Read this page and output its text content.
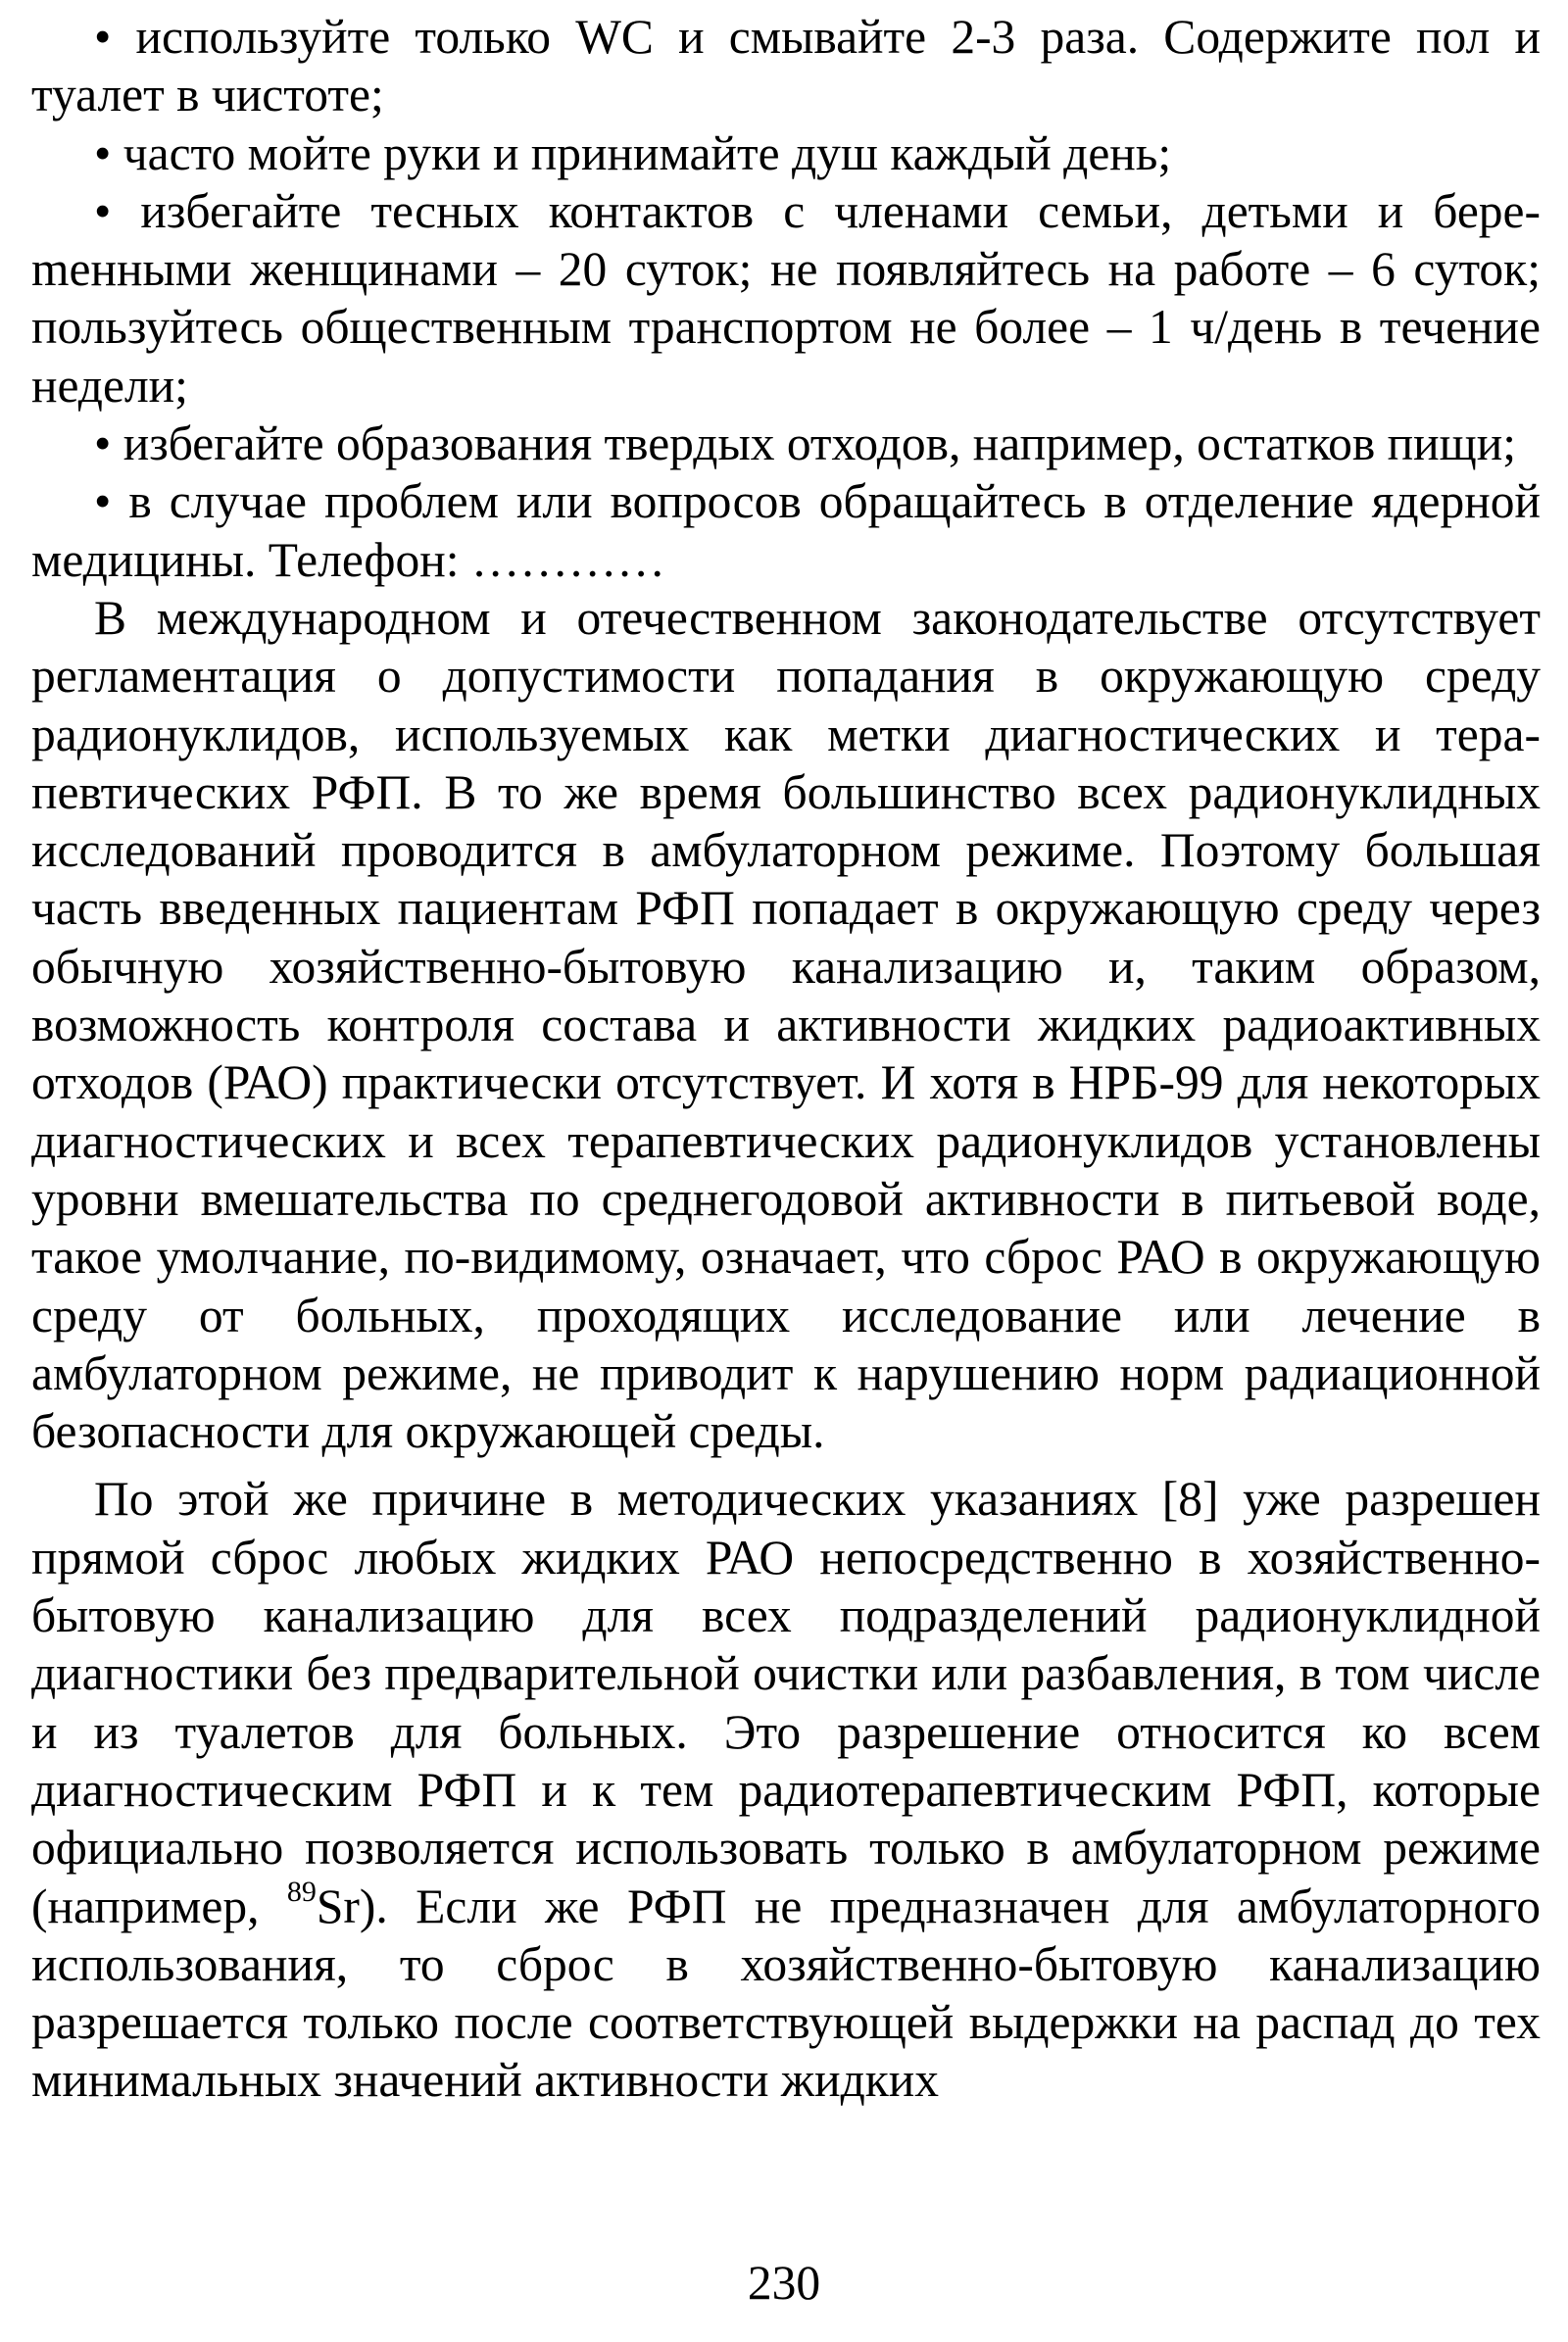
• используйте только WC и смывайте 2-3 раза. Содержите пол и туалет в чистоте;

• часто мойте руки и принимайте душ каждый день;

• избегайте тесных контактов с членами семьи, детьми и береmенными женщинами – 20 суток; не появляйтесь на работе – 6 суток; пользуйтесь общественным транспортом не более – 1 ч/день в течение недели;

• избегайте образования твердых отходов, например, остатков пищи;

• в случае проблем или вопросов обращайтесь в отделение ядерной медицины. Телефон: …………

В международном и отечественном законодательстве отсутствует регламентация о допустимости попадания в окружающую среду радионуклидов, используемых как метки диагностических и терапевтических РФП. В то же время большинство всех радионуклидных исследований проводится в амбулаторном режиме. Поэтому большая часть введенных пациентам РФП попадает в окружающую среду через обычную хозяйственно-бытовую канализацию и, таким образом, возможность контроля состава и активности жидких радиоактивных отходов (РАО) практически отсутствует. И хотя в НРБ-99 для некоторых диагностических и всех терапевтических радионуклидов установлены уровни вмешательства по среднегодовой активности в питьевой воде, такое умолчание, по-видимому, означает, что сброс РАО в окружающую среду от больных, проходящих исследование или лечение в амбулаторном режиме, не приводит к нарушению норм радиационной безопасности для окружающей среды.

По этой же причине в методических указаниях [8] уже разрешен прямой сброс любых жидких РАО непосредственно в хозяйственно-бытовую канализацию для всех подразделений радионуклидной диагностики без предварительной очистки или разбавления, в том числе и из туалетов для больных. Это разрешение относится ко всем диагностическим РФП и к тем радиотерапевтическим РФП, которые официально позволяется использовать только в амбулаторном режиме (например, $^{89}$Sr). Если же РФП не предназначен для амбулаторного использования, то сброс в хозяйственно-бытовую канализацию разрешается только после соответствующей выдержки на распад до тех минимальных значений активности жидких

230
